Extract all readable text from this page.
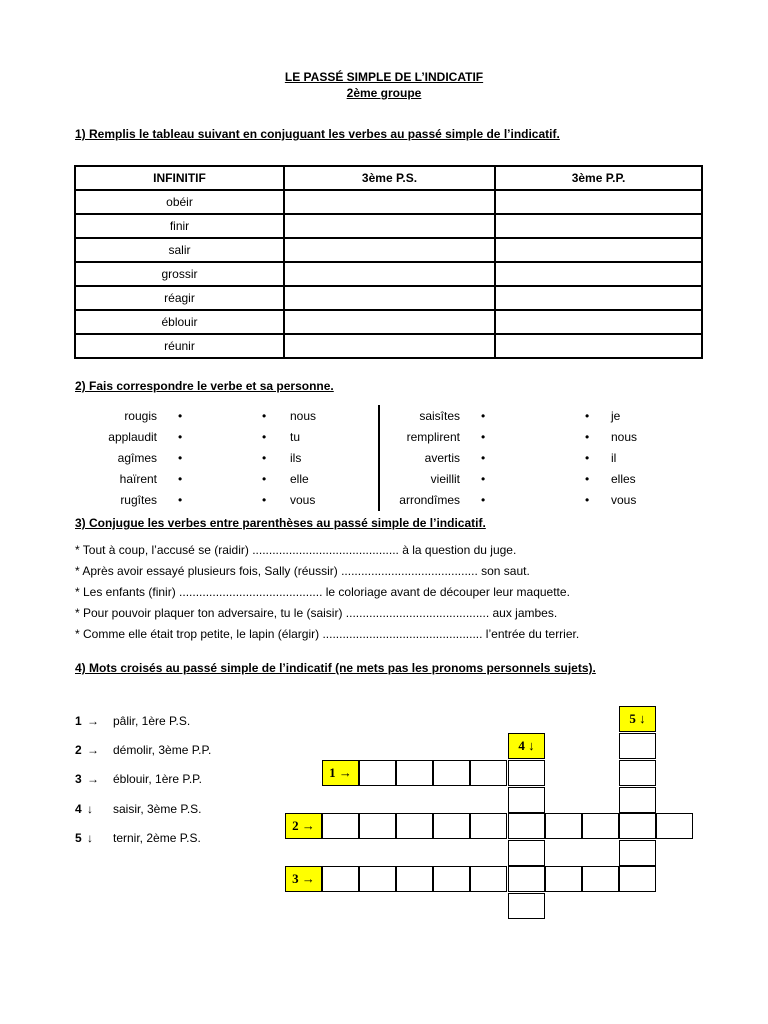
LE PASSÉ SIMPLE DE L’INDICATIF
2ème groupe
1) Remplis le tableau suivant en conjuguant les verbes au passé simple de l’indicatif.
INFINITIF	3ème P.S.	3ème P.P.
obéir		
finir		
salir		
grossir		
réagir		
éblouir		
réunir		
2) Fais correspondre le verbe et sa personne.
rougis •	•	nous	saisîtes •	•	je
applaudit •	•	tu	remplirent •	•	nous
agîmes •	•	ils	avertis •	•	il
haïrent •	•	elle	vieillit •	•	elles
rugîtes •	•	vous	arrondîmes •	•	vous
3) Conjugue les verbes entre parenthèses au passé simple de l’indicatif.
* Tout à coup, l’accusé se (raidir) ............................................ à la question du juge.
* Après avoir essayé plusieurs fois, Sally (réussir) ......................................... son saut.
* Les enfants (finir) ........................................... le coloriage avant de découper leur maquette.
* Pour pouvoir plaquer ton adversaire, tu le (saisir) ........................................... aux jambes.
* Comme elle était trop petite, le lapin (élargir) ................................................ l’entrée du terrier.
4) Mots croisés au passé simple de l’indicatif (ne mets pas les pronoms personnels sujets).
1 → pâlir, 1ère P.S.
2 → démolir, 3ème P.P.
3 → éblouir, 1ère P.P.
4 ↓ saisir, 3ème P.S.
5 ↓ ternir, 2ème P.S.
5 ↓
4 ↓
1 →
2 →
3 →
